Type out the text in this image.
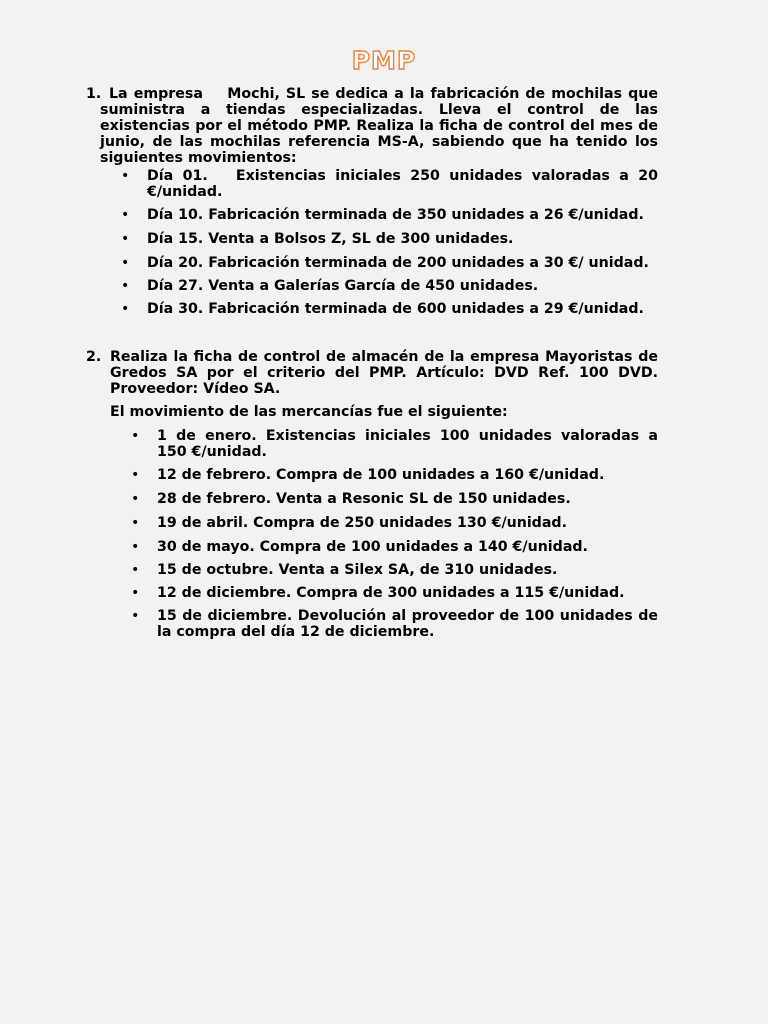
PMP
1. La empresa    Mochi, SL se dedica a la fabricación de mochilas que suministra a tiendas especializadas. Lleva el control de las existencias por el método PMP. Realiza la ficha de control del mes de junio, de las mochilas referencia MS-A, sabiendo que ha tenido los siguientes movimientos:

• Día 01.   Existencias iniciales 250 unidades valoradas a 20 €/unidad.
• Día 10. Fabricación terminada de 350 unidades a 26 €/unidad.
• Día 15. Venta a Bolsos Z, SL de 300 unidades.
• Día 20. Fabricación terminada de 200 unidades a 30 €/ unidad.
• Día 27. Venta a Galerías García de 450 unidades.
• Día 30. Fabricación terminada de 600 unidades a 29 €/unidad.
2. Realiza la ficha de control de almacén de la empresa Mayoristas de Gredos SA por el criterio del PMP. Artículo: DVD Ref. 100 DVD. Proveedor: Vídeo SA.

El movimiento de las mercancías fue el siguiente:

• 1 de enero. Existencias iniciales 100 unidades valoradas a 150 €/unidad.
• 12 de febrero. Compra de 100 unidades a 160 €/unidad.
• 28 de febrero. Venta a Resonic SL de 150 unidades.
• 19 de abril. Compra de 250 unidades 130 €/unidad.
• 30 de mayo. Compra de 100 unidades a 140 €/unidad.
• 15 de octubre. Venta a Silex SA, de 310 unidades.
• 12 de diciembre. Compra de 300 unidades a 115 €/unidad.
• 15 de diciembre. Devolución al proveedor de 100 unidades de la compra del día 12 de diciembre.
